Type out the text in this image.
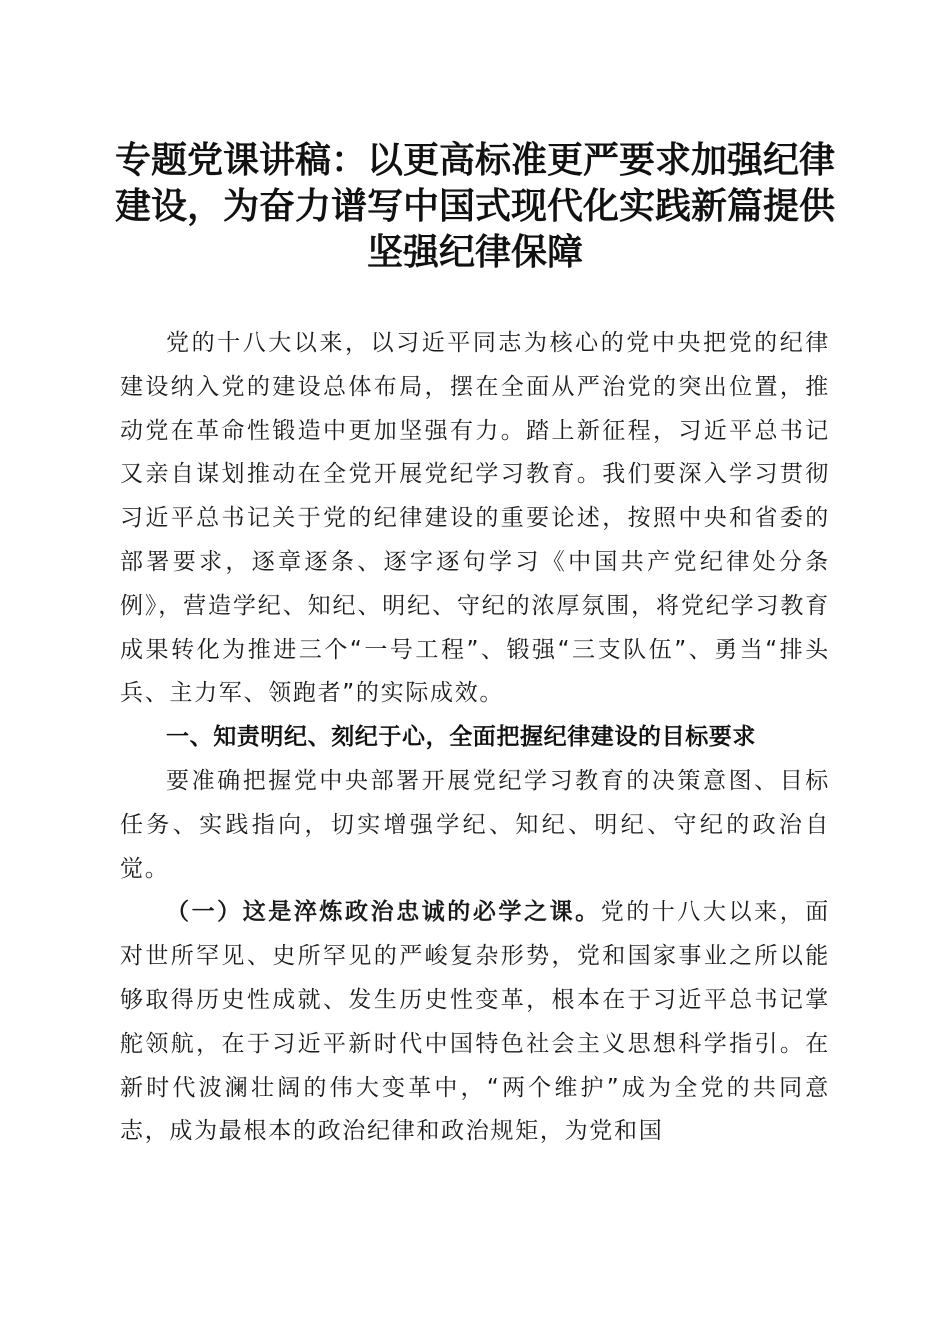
专题党课讲稿：以更高标准更严要求加强纪律
建设，为奋力谱写中国式现代化实践新篇提供
坚强纪律保障

党的十八大以来，以习近平同志为核心的党中央把党的纪律建设纳入党的建设总体布局，摆在全面从严治党的突出位置，推动党在革命性锻造中更加坚强有力。踏上新征程，习近平总书记又亲自谋划推动在全党开展党纪学习教育。我们要深入学习贯彻习近平总书记关于党的纪律建设的重要论述，按照中央和省委的部署要求，逐章逐条、逐字逐句学习《中国共产党纪律处分条例》，营造学纪、知纪、明纪、守纪的浓厚氛围，将党纪学习教育成果转化为推进三个“一号工程”、锻强“三支队伍”、勇当“排头兵、主力军、领跑者”的实际成效。

一、知责明纪、刻纪于心，全面把握纪律建设的目标要求

要准确把握党中央部署开展党纪学习教育的决策意图、目标任务、实践指向，切实增强学纪、知纪、明纪、守纪的政治自觉。

（一）这是淬炼政治忠诚的必学之课。党的十八大以来，面对世所罕见、史所罕见的严峻复杂形势，党和国家事业之所以能够取得历史性成就、发生历史性变革，根本在于习近平总书记掌舵领航，在于习近平新时代中国特色社会主义思想科学指引。在新时代波澜壮阔的伟大变革中，“两个维护”成为全党的共同意志，成为最根本的政治纪律和政治规矩，为党和国
